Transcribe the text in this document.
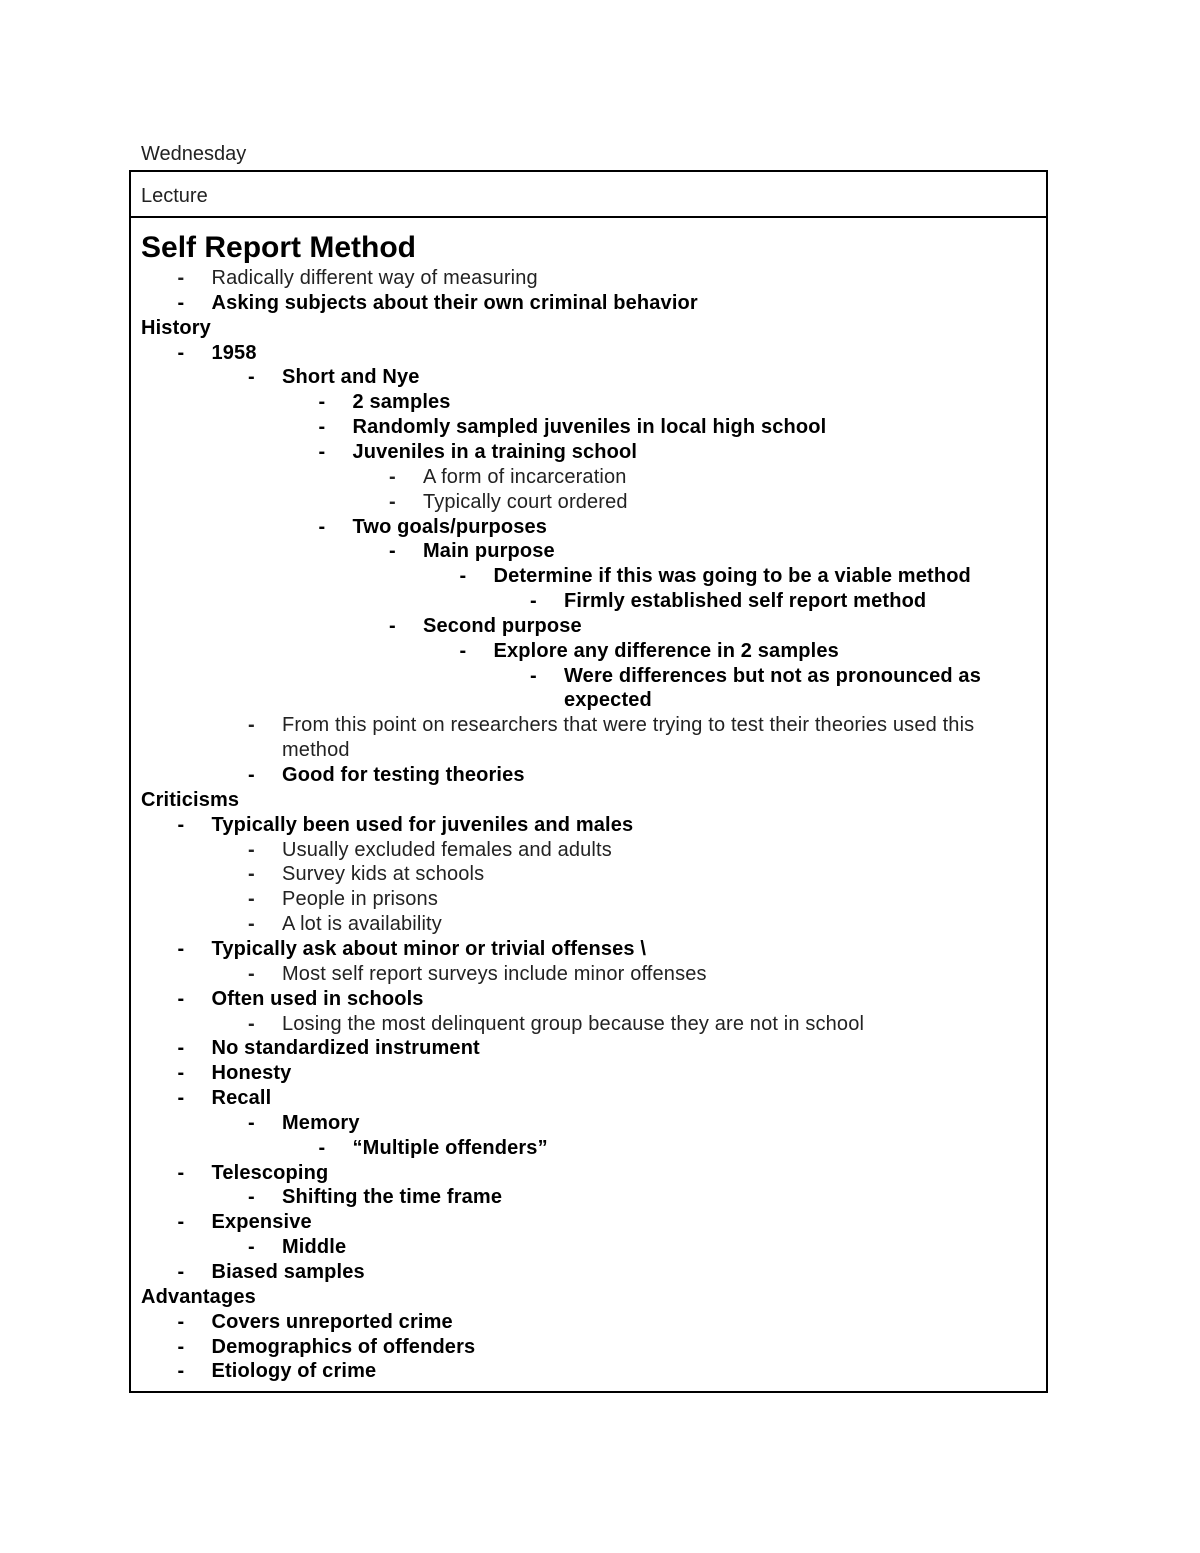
Wednesday
Lecture
Self Report Method
- Radically different way of measuring
- Asking subjects about their own criminal behavior
History
- 1958
- Short and Nye
- 2 samples
- Randomly sampled juveniles in local high school
- Juveniles in a training school
- A form of incarceration
- Typically court ordered
- Two goals/purposes
- Main purpose
- Determine if this was going to be a viable method
- Firmly established self report method
- Second purpose
- Explore any difference in 2 samples
- Were differences but not as pronounced as
expected
- From this point on researchers that were trying to test their theories used this
method
- Good for testing theories
Criticisms
- Typically been used for juveniles and males
- Usually excluded females and adults
- Survey kids at schools
- People in prisons
- A lot is availability
- Typically ask about minor or trivial offenses \
- Most self report surveys include minor offenses
- Often used in schools
- Losing the most delinquent group because they are not in school
- No standardized instrument
- Honesty
- Recall
- Memory
- “Multiple offenders”
- Telescoping
- Shifting the time frame
- Expensive
- Middle
- Biased samples
Advantages
- Covers unreported crime
- Demographics of offenders
- Etiology of crime
